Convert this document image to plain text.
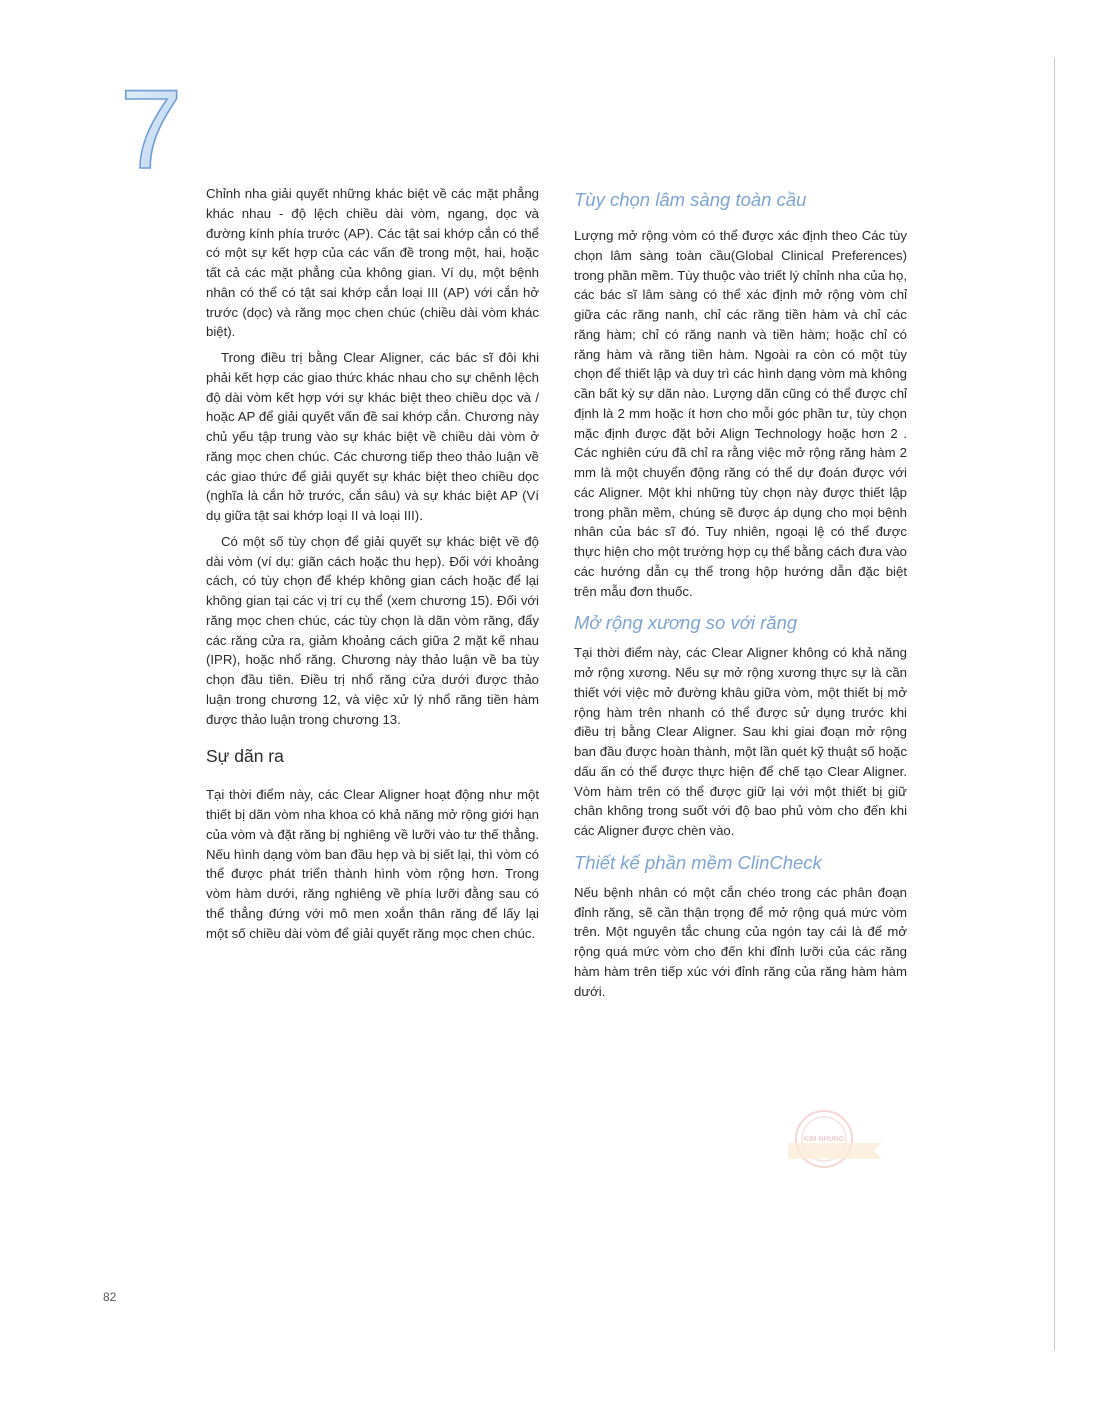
7

Chỉnh nha giải quyết những khác biệt về các mặt phẳng khác nhau - độ lệch chiều dài vòm, ngang, dọc và đường kính phía trước (AP). Các tật sai khớp cắn có thể có một sự kết hợp của các vấn đề trong một, hai, hoặc tất cả các mặt phẳng của không gian. Ví dụ, một bệnh nhân có thể có tật sai khớp cắn loại III (AP) với cắn hở trước (dọc) và răng mọc chen chúc (chiều dài vòm khác biệt).

Trong điều trị bằng Clear Aligner, các bác sĩ đôi khi phải kết hợp các giao thức khác nhau cho sự chênh lệch độ dài vòm kết hợp với sự khác biệt theo chiều dọc và / hoặc AP để giải quyết vấn đề sai khớp cắn. Chương này chủ yếu tập trung vào sự khác biệt về chiều dài vòm ở răng mọc chen chúc. Các chương tiếp theo thảo luận về các giao thức để giải quyết sự khác biệt theo chiều dọc (nghĩa là cắn hở trước, cắn sâu) và sự khác biệt AP (Ví dụ giữa tật sai khớp loại II và loại III).

Có một số tùy chọn để giải quyết sự khác biệt về độ dài vòm (ví dụ: giãn cách hoặc thu hẹp). Đối với khoảng cách, có tùy chọn để khép không gian cách hoặc để lại không gian tại các vị trí cụ thể (xem chương 15). Đối với răng mọc chen chúc, các tùy chọn là dãn vòm răng, đẩy các răng cửa ra, giảm khoảng cách giữa 2 mặt kế nhau (IPR), hoặc nhổ răng. Chương này thảo luận về ba tùy chọn đầu tiên. Điều trị nhổ răng cửa dưới được thảo luận trong chương 12, và việc xử lý nhổ răng tiền hàm được thảo luận trong chương 13.

Sự dãn ra

Tại thời điểm này, các Clear Aligner hoạt động như một thiết bị dãn vòm nha khoa có khả năng mở rộng giới hạn của vòm và đặt răng bị nghiêng về lưỡi vào tư thế thẳng. Nếu hình dạng vòm ban đầu hẹp và bị siết lại, thì vòm có thể được phát triển thành hình vòm rộng hơn. Trong vòm hàm dưới, răng nghiêng về phía lưỡi đằng sau có thể thẳng đứng với mô men xoắn thân răng để lấy lại một số chiều dài vòm để giải quyết răng mọc chen chúc.

Tùy chọn lâm sàng toàn cầu

Lượng mở rộng vòm có thể được xác định theo Các tùy chọn lâm sàng toàn cầu(Global Clinical Preferences) trong phần mềm. Tùy thuộc vào triết lý chỉnh nha của họ, các bác sĩ lâm sàng có thể xác định mở rộng vòm chỉ giữa các răng nanh, chỉ các răng tiền hàm và chỉ các răng hàm; chỉ có răng nanh và tiền hàm; hoặc chỉ có răng hàm và răng tiền hàm. Ngoài ra còn có một tùy chọn để thiết lập và duy trì các hình dạng vòm mà không cần bất kỳ sự dãn nào. Lượng dãn cũng có thể được chỉ định là 2 mm hoặc ít hơn cho mỗi góc phần tư, tùy chọn mặc định được đặt bởi Align Technology hoặc hơn 2 . Các nghiên cứu đã chỉ ra rằng việc mở rộng răng hàm 2 mm là một chuyển động răng có thể dự đoán được với các Aligner. Một khi những tùy chọn này được thiết lập trong phần mềm, chúng sẽ được áp dụng cho mọi bệnh nhân của bác sĩ đó. Tuy nhiên, ngoại lệ có thể được thực hiện cho một trường hợp cụ thể bằng cách đưa vào các hướng dẫn cụ thể trong hộp hướng dẫn đặc biệt trên mẫu đơn thuốc.

Mở rộng xương so với răng

Tại thời điểm này, các Clear Aligner không có khả năng mở rộng xương. Nếu sự mở rộng xương thực sự là cần thiết với việc mở đường khâu giữa vòm, một thiết bị mở rộng hàm trên nhanh có thể được sử dụng trước khi điều trị bằng Clear Aligner. Sau khi giai đoạn mở rộng ban đầu được hoàn thành, một lần quét kỹ thuật số hoặc dấu ấn có thể được thực hiện để chế tạo Clear Aligner. Vòm hàm trên có thể được giữ lại với một thiết bị giữ chân không trong suốt với độ bao phủ vòm cho đến khi các Aligner được chèn vào.

Thiết kế phần mềm ClinCheck

Nếu bệnh nhân có một cắn chéo trong các phân đoạn đỉnh răng, sẽ cần thận trọng để mở rộng quá mức vòm trên. Một nguyên tắc chung của ngón tay cái là để mở rộng quá mức vòm cho đến khi đỉnh lưỡi của các răng hàm hàm trên tiếp xúc với đỉnh răng của răng hàm hàm dưới.

KIM NHUNG
82
